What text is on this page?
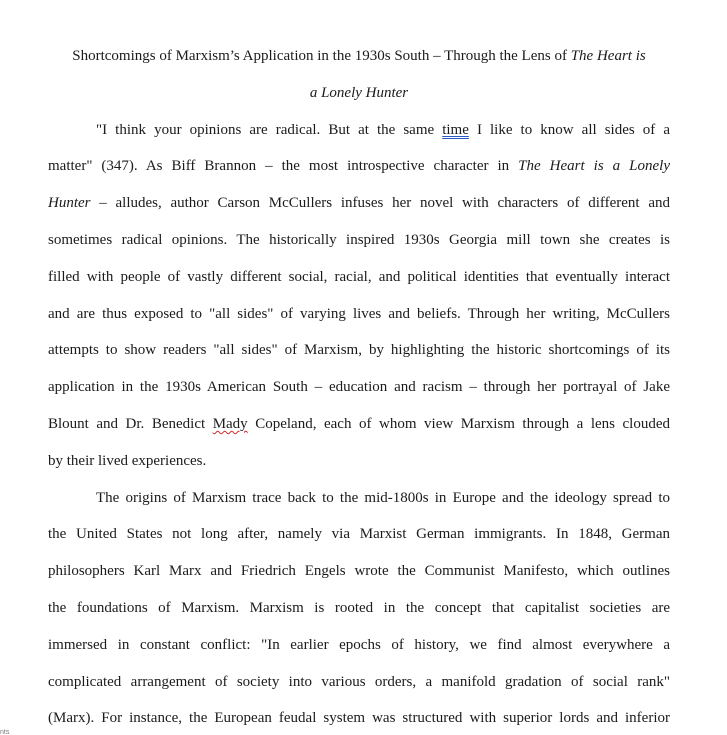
Shortcomings of Marxism’s Application in the 1930s South – Through the Lens of The Heart is
a Lonely Hunter
"I think your opinions are radical. But at the same time I like to know all sides of a
matter" (347). As Biff Brannon – the most introspective character in The Heart is a Lonely
Hunter – alludes, author Carson McCullers infuses her novel with characters of different and
sometimes radical opinions. The historically inspired 1930s Georgia mill town she creates is
filled with people of vastly different social, racial, and political identities that eventually interact
and are thus exposed to "all sides" of varying lives and beliefs. Through her writing, McCullers
attempts to show readers "all sides" of Marxism, by highlighting the historic shortcomings of its
application in the 1930s American South – education and racism – through her portrayal of Jake
Blount and Dr. Benedict Mady Copeland, each of whom view Marxism through a lens clouded
by their lived experiences.
The origins of Marxism trace back to the mid-1800s in Europe and the ideology spread to
the United States not long after, namely via Marxist German immigrants. In 1848, German
philosophers Karl Marx and Friedrich Engels wrote the Communist Manifesto, which outlines
the foundations of Marxism. Marxism is rooted in the concept that capitalist societies are
immersed in constant conflict: "In earlier epochs of history, we find almost everywhere a
complicated arrangement of society into various orders, a manifold gradation of social rank"
(Marx). For instance, the European feudal system was structured with superior lords and inferior
nts
